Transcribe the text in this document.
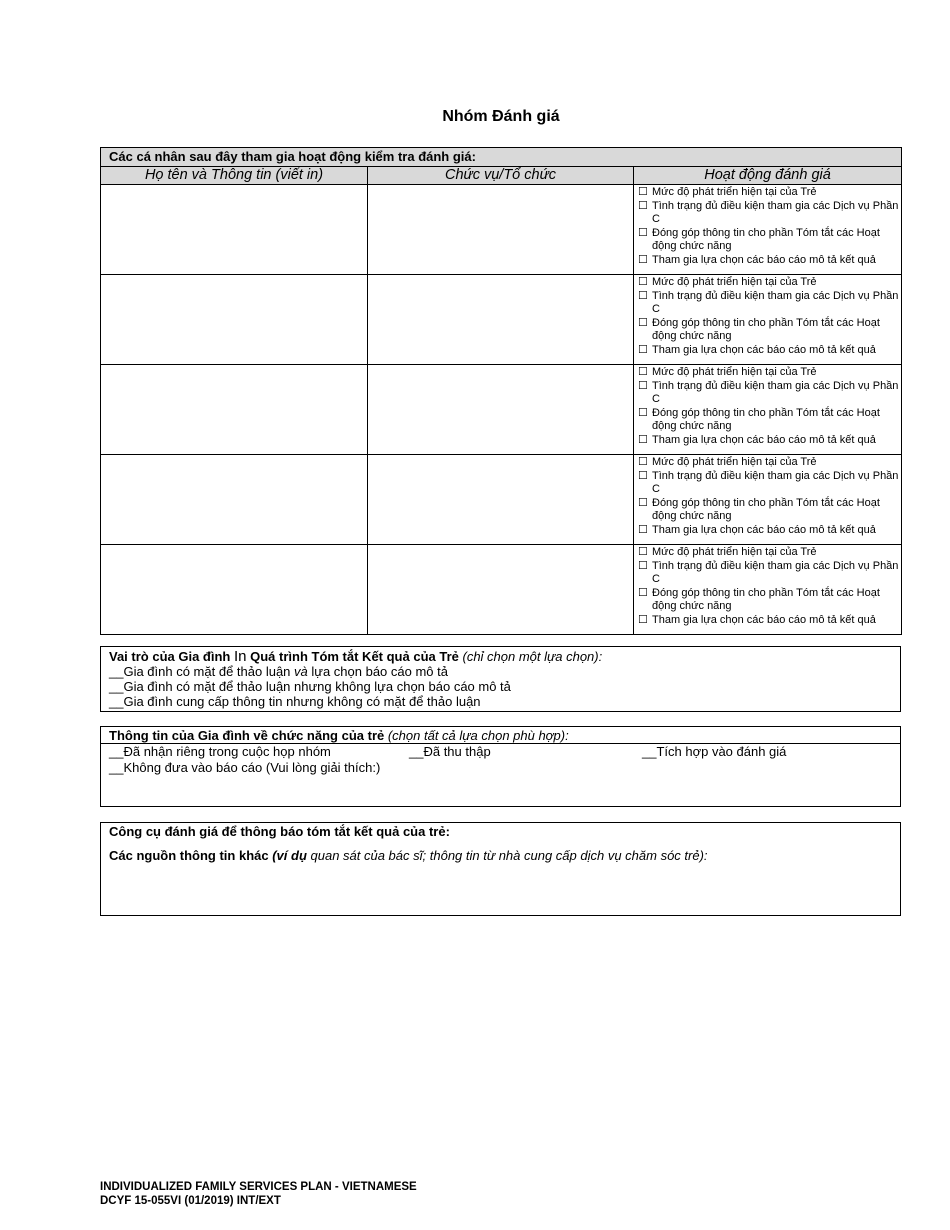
Nhóm Đánh giá
Các cá nhân sau đây tham gia hoạt động kiểm tra đánh giá:		
Họ tên và Thông tin (viết in)	Chức vụ/Tổ chức	Hoạt động đánh giá

		☐ Mức độ phát triển hiện tại của Trẻ
☐ Tình trạng đủ điều kiện tham gia các Dịch vụ Phần C
☐ Đóng góp thông tin cho phần Tóm tắt các Hoạt động chức năng
☐ Tham gia lựa chọn các báo cáo mô tả kết quả

		☐ Mức độ phát triển hiện tại của Trẻ
☐ Tình trạng đủ điều kiện tham gia các Dịch vụ Phần C
☐ Đóng góp thông tin cho phần Tóm tắt các Hoạt động chức năng
☐ Tham gia lựa chọn các báo cáo mô tả kết quả

		☐ Mức độ phát triển hiện tại của Trẻ
☐ Tình trạng đủ điều kiện tham gia các Dịch vụ Phần C
☐ Đóng góp thông tin cho phần Tóm tắt các Hoạt động chức năng
☐ Tham gia lựa chọn các báo cáo mô tả kết quả

		☐ Mức độ phát triển hiện tại của Trẻ
☐ Tình trạng đủ điều kiện tham gia các Dịch vụ Phần C
☐ Đóng góp thông tin cho phần Tóm tắt các Hoạt động chức năng
☐ Tham gia lựa chọn các báo cáo mô tả kết quả

		☐ Mức độ phát triển hiện tại của Trẻ
☐ Tình trạng đủ điều kiện tham gia các Dịch vụ Phần C
☐ Đóng góp thông tin cho phần Tóm tắt các Hoạt động chức năng
☐ Tham gia lựa chọn các báo cáo mô tả kết quả
Vai trò của Gia đình In Quá trình Tóm tắt Kết quả của Trẻ (chỉ chọn một lựa chọn):
__Gia đình có mặt để thảo luận và lựa chọn báo cáo mô tả
__Gia đình có mặt để thảo luận nhưng không lựa chọn báo cáo mô tả
__Gia đình cung cấp thông tin nhưng không có mặt để thảo luận
Thông tin của Gia đình về chức năng của trẻ (chọn tất cả lựa chọn phù hợp):
__Đã nhận riêng trong cuộc họp nhóm	__Đã thu thập	__Tích hợp vào đánh giá
__Không đưa vào báo cáo (Vui lòng giải thích:)
Công cụ đánh giá để thông báo tóm tắt kết quả của trẻ:
Các nguồn thông tin khác (ví dụ quan sát của bác sĩ; thông tin từ nhà cung cấp dịch vụ chăm sóc trẻ):
INDIVIDUALIZED FAMILY SERVICES PLAN - VIETNAMESE
DCYF 15-055VI (01/2019) INT/EXT
